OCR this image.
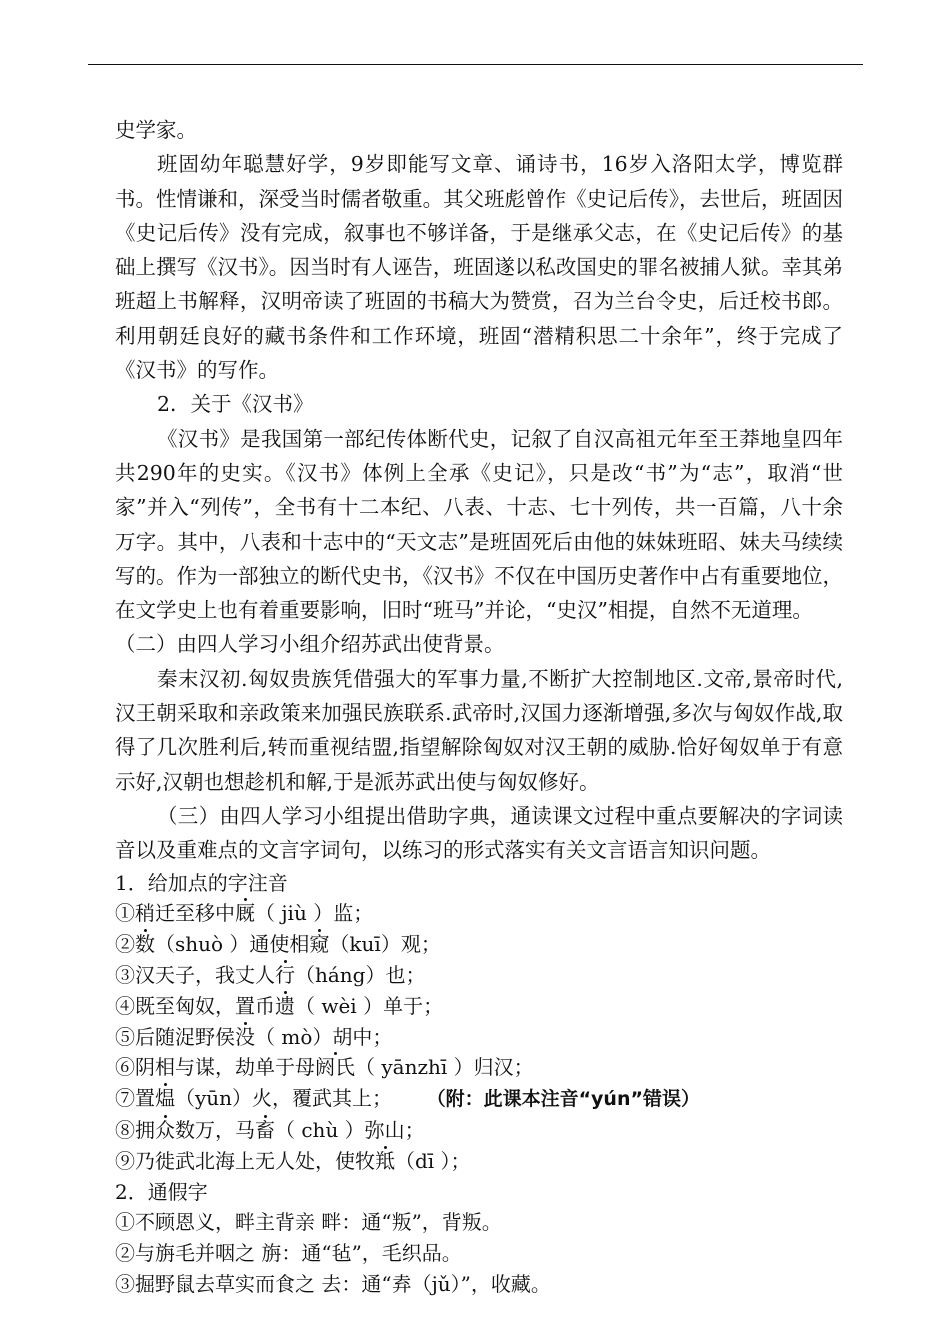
史学家。

班固幼年聪慧好学，9岁即能写文章、诵诗书，16岁入洛阳太学，博览群书。性情谦和，深受当时儒者敬重。其父班彪曾作《史记后传》，去世后，班固因《史记后传》没有完成，叙事也不够详备，于是继承父志，在《史记后传》的基础上撰写《汉书》。因当时有人诬告，班固遂以私改国史的罪名被捕人狱。幸其弟班超上书解释，汉明帝读了班固的书稿大为赞赏，召为兰台令史，后迁校书郎。利用朝廷良好的藏书条件和工作环境，班固“潜精积思二十余年”，终于完成了《汉书》的写作。

2．关于《汉书》

《汉书》是我国第一部纪传体断代史，记叙了自汉高祖元年至王莽地皇四年共290年的史实。《汉书》体例上全承《史记》，只是改“书”为“志”，取消“世家”并入“列传”，全书有十二本纪、八表、十志、七十列传，共一百篇，八十余万字。其中，八表和十志中的“天文志”是班固死后由他的妹妹班昭、妹夫马续续写的。作为一部独立的断代史书，《汉书》不仅在中国历史著作中占有重要地位，在文学史上也有着重要影响，旧时“班马”并论，“史汉”相提，自然不无道理。

（二）由四人学习小组介绍苏武出使背景。

秦末汉初.匈奴贵族凭借强大的军事力量,不断扩大控制地区.文帝,景帝时代,汉王朝采取和亲政策来加强民族联系.武帝时,汉国力逐渐增强,多次与匈奴作战,取得了几次胜利后,转而重视结盟,指望解除匈奴对汉王朝的威胁.恰好匈奴单于有意示好,汉朝也想趁机和解,于是派苏武出使与匈奴修好。

（三）由四人学习小组提出借助字典，通读课文过程中重点要解决的字词读音以及重难点的文言字词句，以练习的形式落实有关文言语言知识问题。

1．给加点的字注音

①稍迁至移中厩（ jiù ）监；

②数（shuò ）通使相窥（kuī）观；

③汉天子，我丈人行（háng）也；

④既至匈奴，置币遗（ wèi ）单于；

⑤后随浞野侯没（ mò）胡中；

⑥阴相与谋，劫单于母阏氏（ yānzhī ）归汉；

⑦置煴（yūn）火，覆武其上； （附：此课本注音“yún”错误）

⑧拥众数万，马畜（ chù ）弥山；

⑨乃徙武北海上无人处，使牧羝（dī ）；

2．通假字

①不顾恩义，畔主背亲 畔：通“叛”，背叛。

②与旃毛并咽之 旃：通“毡”，毛织品。

③掘野鼠去草实而食之 去：通“弆（jǔ）”，收藏。
